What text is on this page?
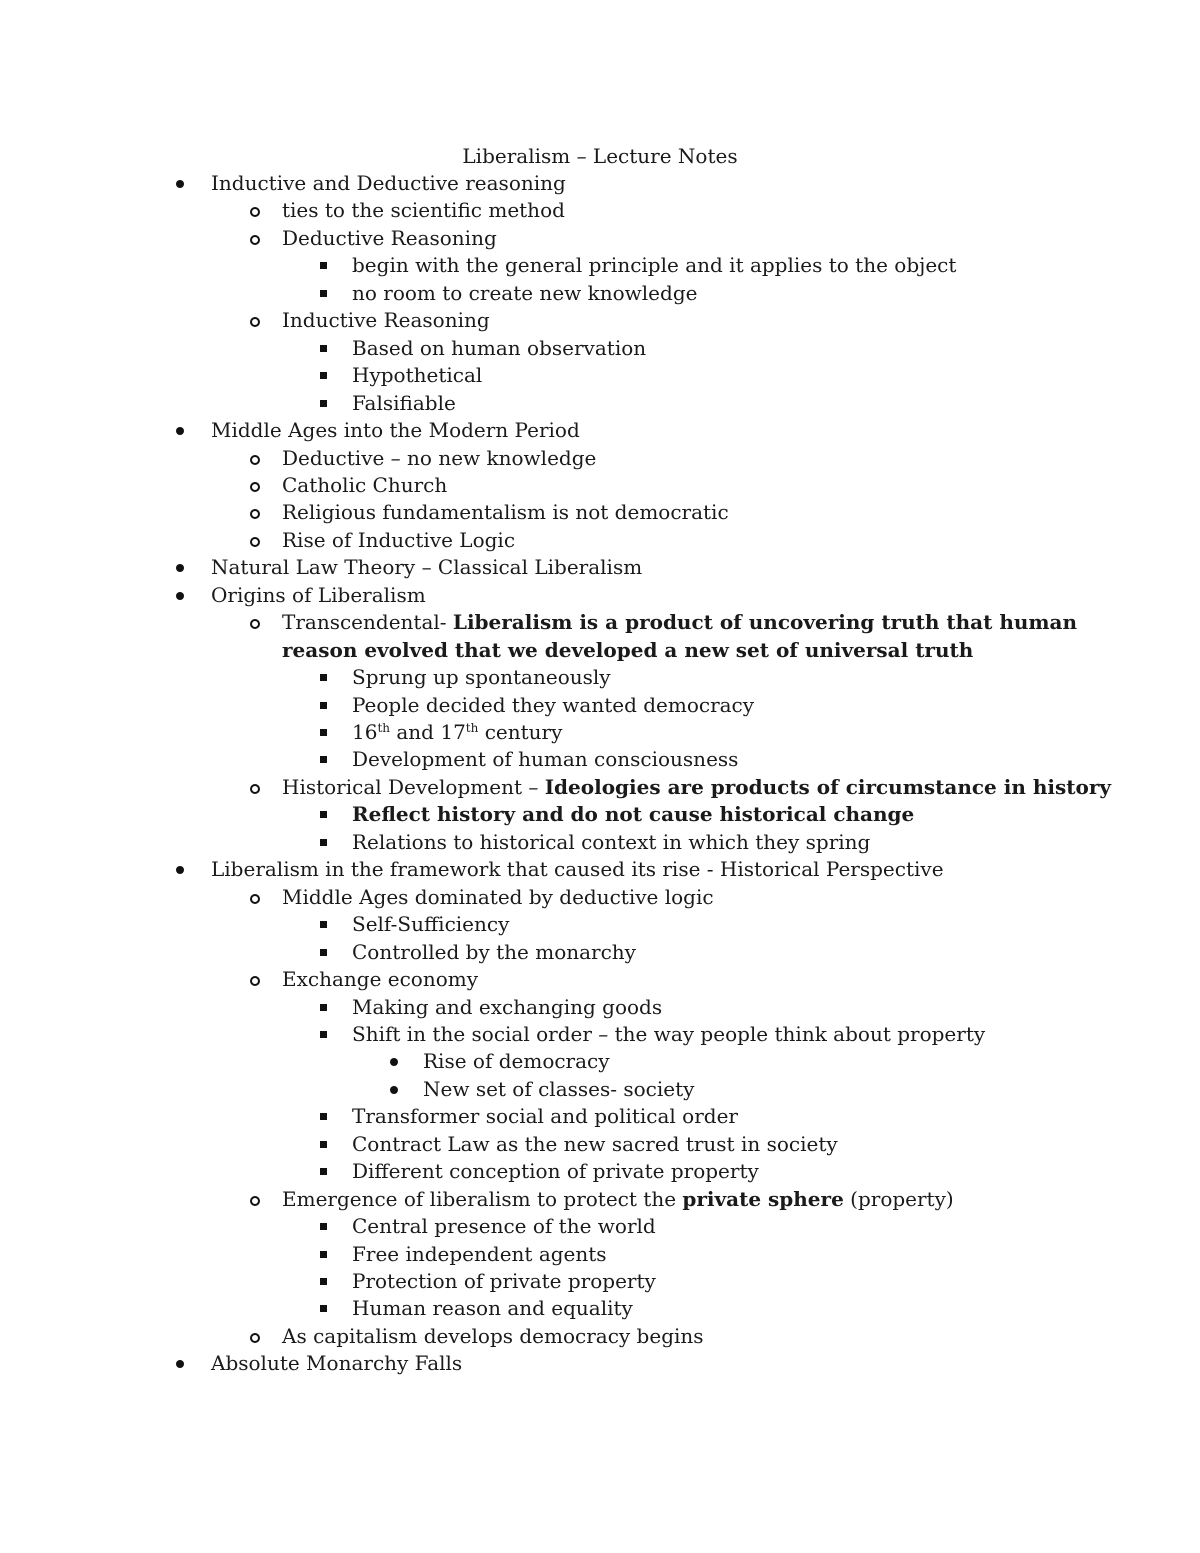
Liberalism – Lecture Notes
Inductive and Deductive reasoning
ties to the scientific method
Deductive Reasoning
begin with the general principle and it applies to the object
no room to create new knowledge
Inductive Reasoning
Based on human observation
Hypothetical
Falsifiable
Middle Ages into the Modern Period
Deductive – no new knowledge
Catholic Church
Religious fundamentalism is not democratic
Rise of Inductive Logic
Natural Law Theory – Classical Liberalism
Origins of Liberalism
Transcendental- Liberalism is a product of uncovering truth that human
reason evolved that we developed a new set of universal truth
Sprung up spontaneously
People decided they wanted democracy
16th and 17th century
Development of human consciousness
Historical Development – Ideologies are products of circumstance in history
Reflect history and do not cause historical change
Relations to historical context in which they spring
Liberalism in the framework that caused its rise - Historical Perspective
Middle Ages dominated by deductive logic
Self-Sufficiency
Controlled by the monarchy
Exchange economy
Making and exchanging goods
Shift in the social order – the way people think about property
Rise of democracy
New set of classes- society
Transformer social and political order
Contract Law as the new sacred trust in society
Different conception of private property
Emergence of liberalism to protect the private sphere (property)
Central presence of the world
Free independent agents
Protection of private property
Human reason and equality
As capitalism develops democracy begins
Absolute Monarchy Falls
